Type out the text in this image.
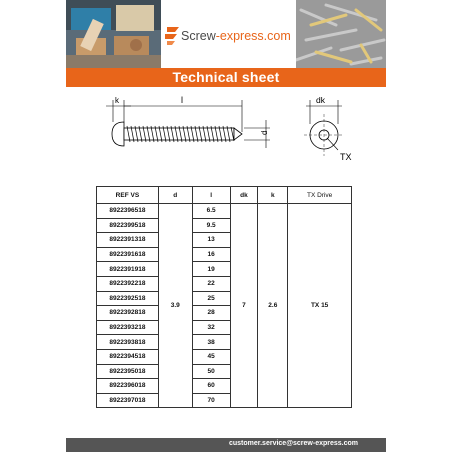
Screw-express.com
Technical sheet
k	l
d
dk
TX
REF VS	d	l	dk	k	TX Drive
8922396518	3.9	6.5	7	2.6	TX 15
8922399518		9.5			
8922391318		13			
8922391618		16			
8922391918		19			
8922392218		22			
8922392518		25			
8922392818		28			
8922393218		32			
8922393818		38			
8922394518		45			
8922395018		50			
8922396018		60			
8922397018		70			
customer.service@screw-express.com
